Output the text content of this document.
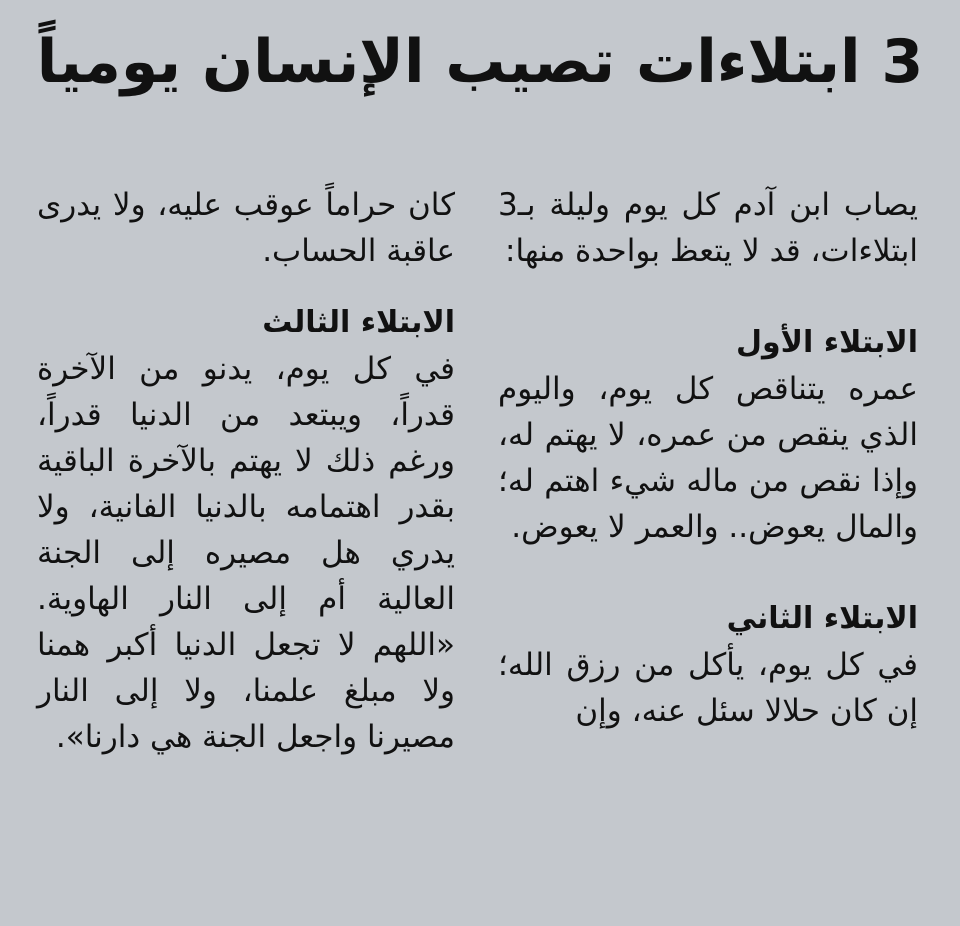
3 ابتلاءات تصيب الإنسان يومياً

يصاب ابن آدم كل يوم وليلة بـ3 ابتلاءات، قد لا يتعظ بواحدة منها:

الابتلاء الأول

عمره يتناقص كل يوم، واليوم الذي ينقص من عمره، لا يهتم له، وإذا نقص من ماله شيء اهتم له؛ والمال يعوض.. والعمر لا يعوض.

الابتلاء الثاني

في كل يوم، يأكل من رزق الله؛ إن كان حلالا سئل عنه، وإن

كان حراماً عوقب عليه، ولا يدرى عاقبة الحساب.

الابتلاء الثالث

في كل يوم، يدنو من الآخرة قدراً، ويبتعد من الدنيا قدراً، ورغم ذلك لا يهتم بالآخرة الباقية بقدر اهتمامه بالدنيا الفانية، ولا يدري هل مصيره إلى الجنة العالية أم إلى النار الهاوية. «اللهم لا تجعل الدنيا أكبر همنا ولا مبلغ علمنا، ولا إلى النار مصيرنا واجعل الجنة هي دارنا».
